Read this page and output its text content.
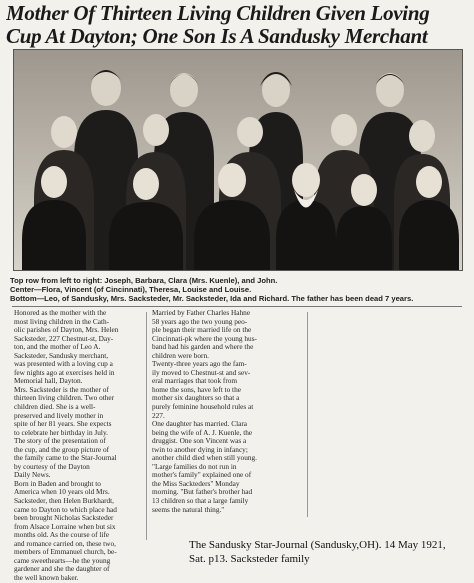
Mother Of Thirteen Living Children Given Loving
Cup At Dayton; One Son Is A Sandusky Merchant

Top row from left to right: Joseph, Barbara, Clara (Mrs. Kuenle), and John.

Center—Flora, Vincent (of Cincinnati), Theresa, Louise and Louise.

Bottom—Leo, of Sandusky, Mrs. Sacksteder, Mr. Sacksteder, Ida and Richard. The father has been dead 7 years.

Honored as the mother with the

most living children in the Cath-

olic parishes of Dayton, Mrs. Helen

Sacksteder, 227 Chestnut-st, Day-

ton, and the mother of Leo A.

Sacksteder, Sandusky merchant,

was presented with a loving cup a

few nights ago at exercises held in

Memorial hall, Dayton.

Mrs. Sacksteder is the mother of

thirteen living children. Two other

children died. She is a well-

preserved and lively mother in

spite of her 81 years. She expects

to celebrate her birthday in July.

The story of the presentation of

the cup, and the group picture of

the family came to the Star-Journal

by courtesy of the Dayton

Daily News.

Born in Baden and brought to

America when 10 years old Mrs.

Sacksteder, then Helen Burkhardt,

came to Dayton to which place had

been brought Nicholas Sacksteder

from Alsace Lorraine when but six

months old. As the course of life

and romance carried on, these two,

members of Emmanuel church, be-

came sweethearts—he the young

gardener and she the daughter of

the well known baker.

Married by Father Charles Hahne

58 years ago the two young peo-

ple began their married life on the

Cincinnati-pk where the young hus-

band had his garden and where the

children were born.

Twenty-three years ago the fam-

ily moved to Chestnut-st and sev-

eral marriages that took from

home the sons, have left to the

mother six daughters so that a

purely feminine household rules at

227.

One daughter has married. Clara

being the wife of A. J. Kuenle, the

druggist. One son Vincent was a

twin to another dying in infancy;

another child died when still young.

"Large families do not run in

mother's family" explained one of

the Miss Sackteders" Monday

morning. "But father's brother had

13 children so that a large family

seems the natural thing."

The Sandusky Star-Journal (Sandusky,OH). 14 May 1921,

Sat. p13. Sacksteder family
